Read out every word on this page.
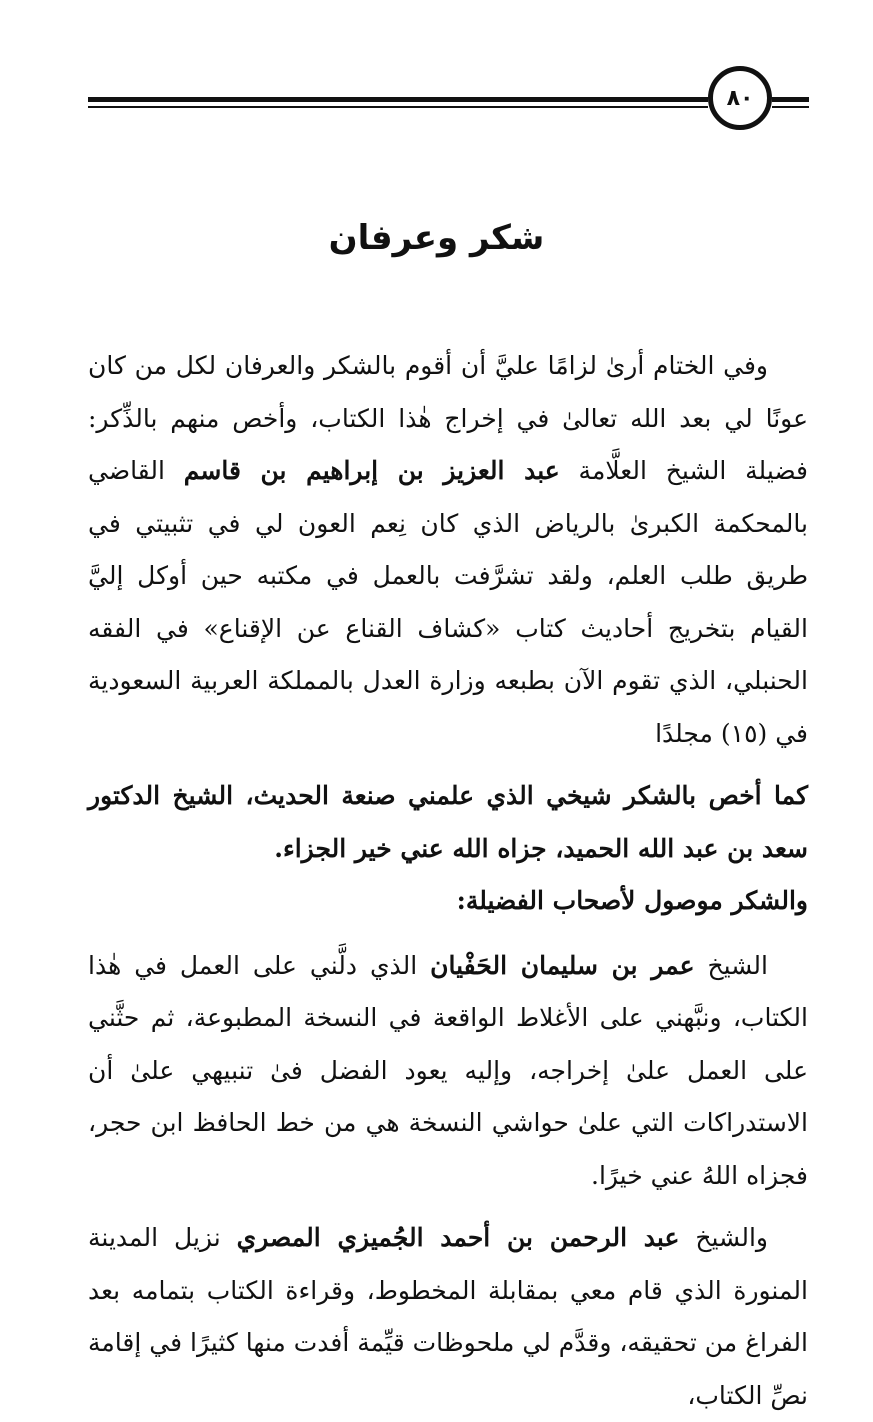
٨٠
شكر وعرفان

وفي الختام أرىٰ لزامًا عليَّ أن أقوم بالشكر والعرفان لكل من كان عونًا لي بعد الله تعالىٰ في إخراج هٰذا الكتاب، وأخص منهم بالذِّكر: فضيلة الشيخ العلَّامة عبد العزيز بن إبراهيم بن قاسم القاضي بالمحكمة الكبرىٰ بالرياض الذي كان نِعم العون لي في تثبيتي في طريق طلب العلم، ولقد تشرَّفت بالعمل في مكتبه حين أوكل إليَّ القيام بتخريج أحاديث كتاب «كشاف القناع عن الإقناع» في الفقه الحنبلي، الذي تقوم الآن بطبعه وزارة العدل بالمملكة العربية السعودية في (١٥) مجلدًا

كما أخص بالشكر شيخي الذي علمني صنعة الحديث، الشيخ الدكتور سعد بن عبد الله الحميد، جزاه الله عني خير الجزاء.

والشكر موصول لأصحاب الفضيلة:

الشيخ عمر بن سليمان الحَفْيان الذي دلَّني على العمل في هٰذا الكتاب، ونبَّهني على الأغلاط الواقعة في النسخة المطبوعة، ثم حثَّني على العمل علىٰ إخراجه، وإليه يعود الفضل فىٰ تنبيهي علىٰ أن الاستدراكات التي علىٰ حواشي النسخة هي من خط الحافظ ابن حجر، فجزاه اللهُ عني خيرًا.

والشيخ عبد الرحمن بن أحمد الجُميزي المصري نزيل المدينة المنورة الذي قام معي بمقابلة المخطوط، وقراءة الكتاب بتمامه بعد الفراغ من تحقيقه، وقدَّم لي ملحوظات قيِّمة أفدت منها كثيرًا في إقامة نصِّ الكتاب،
